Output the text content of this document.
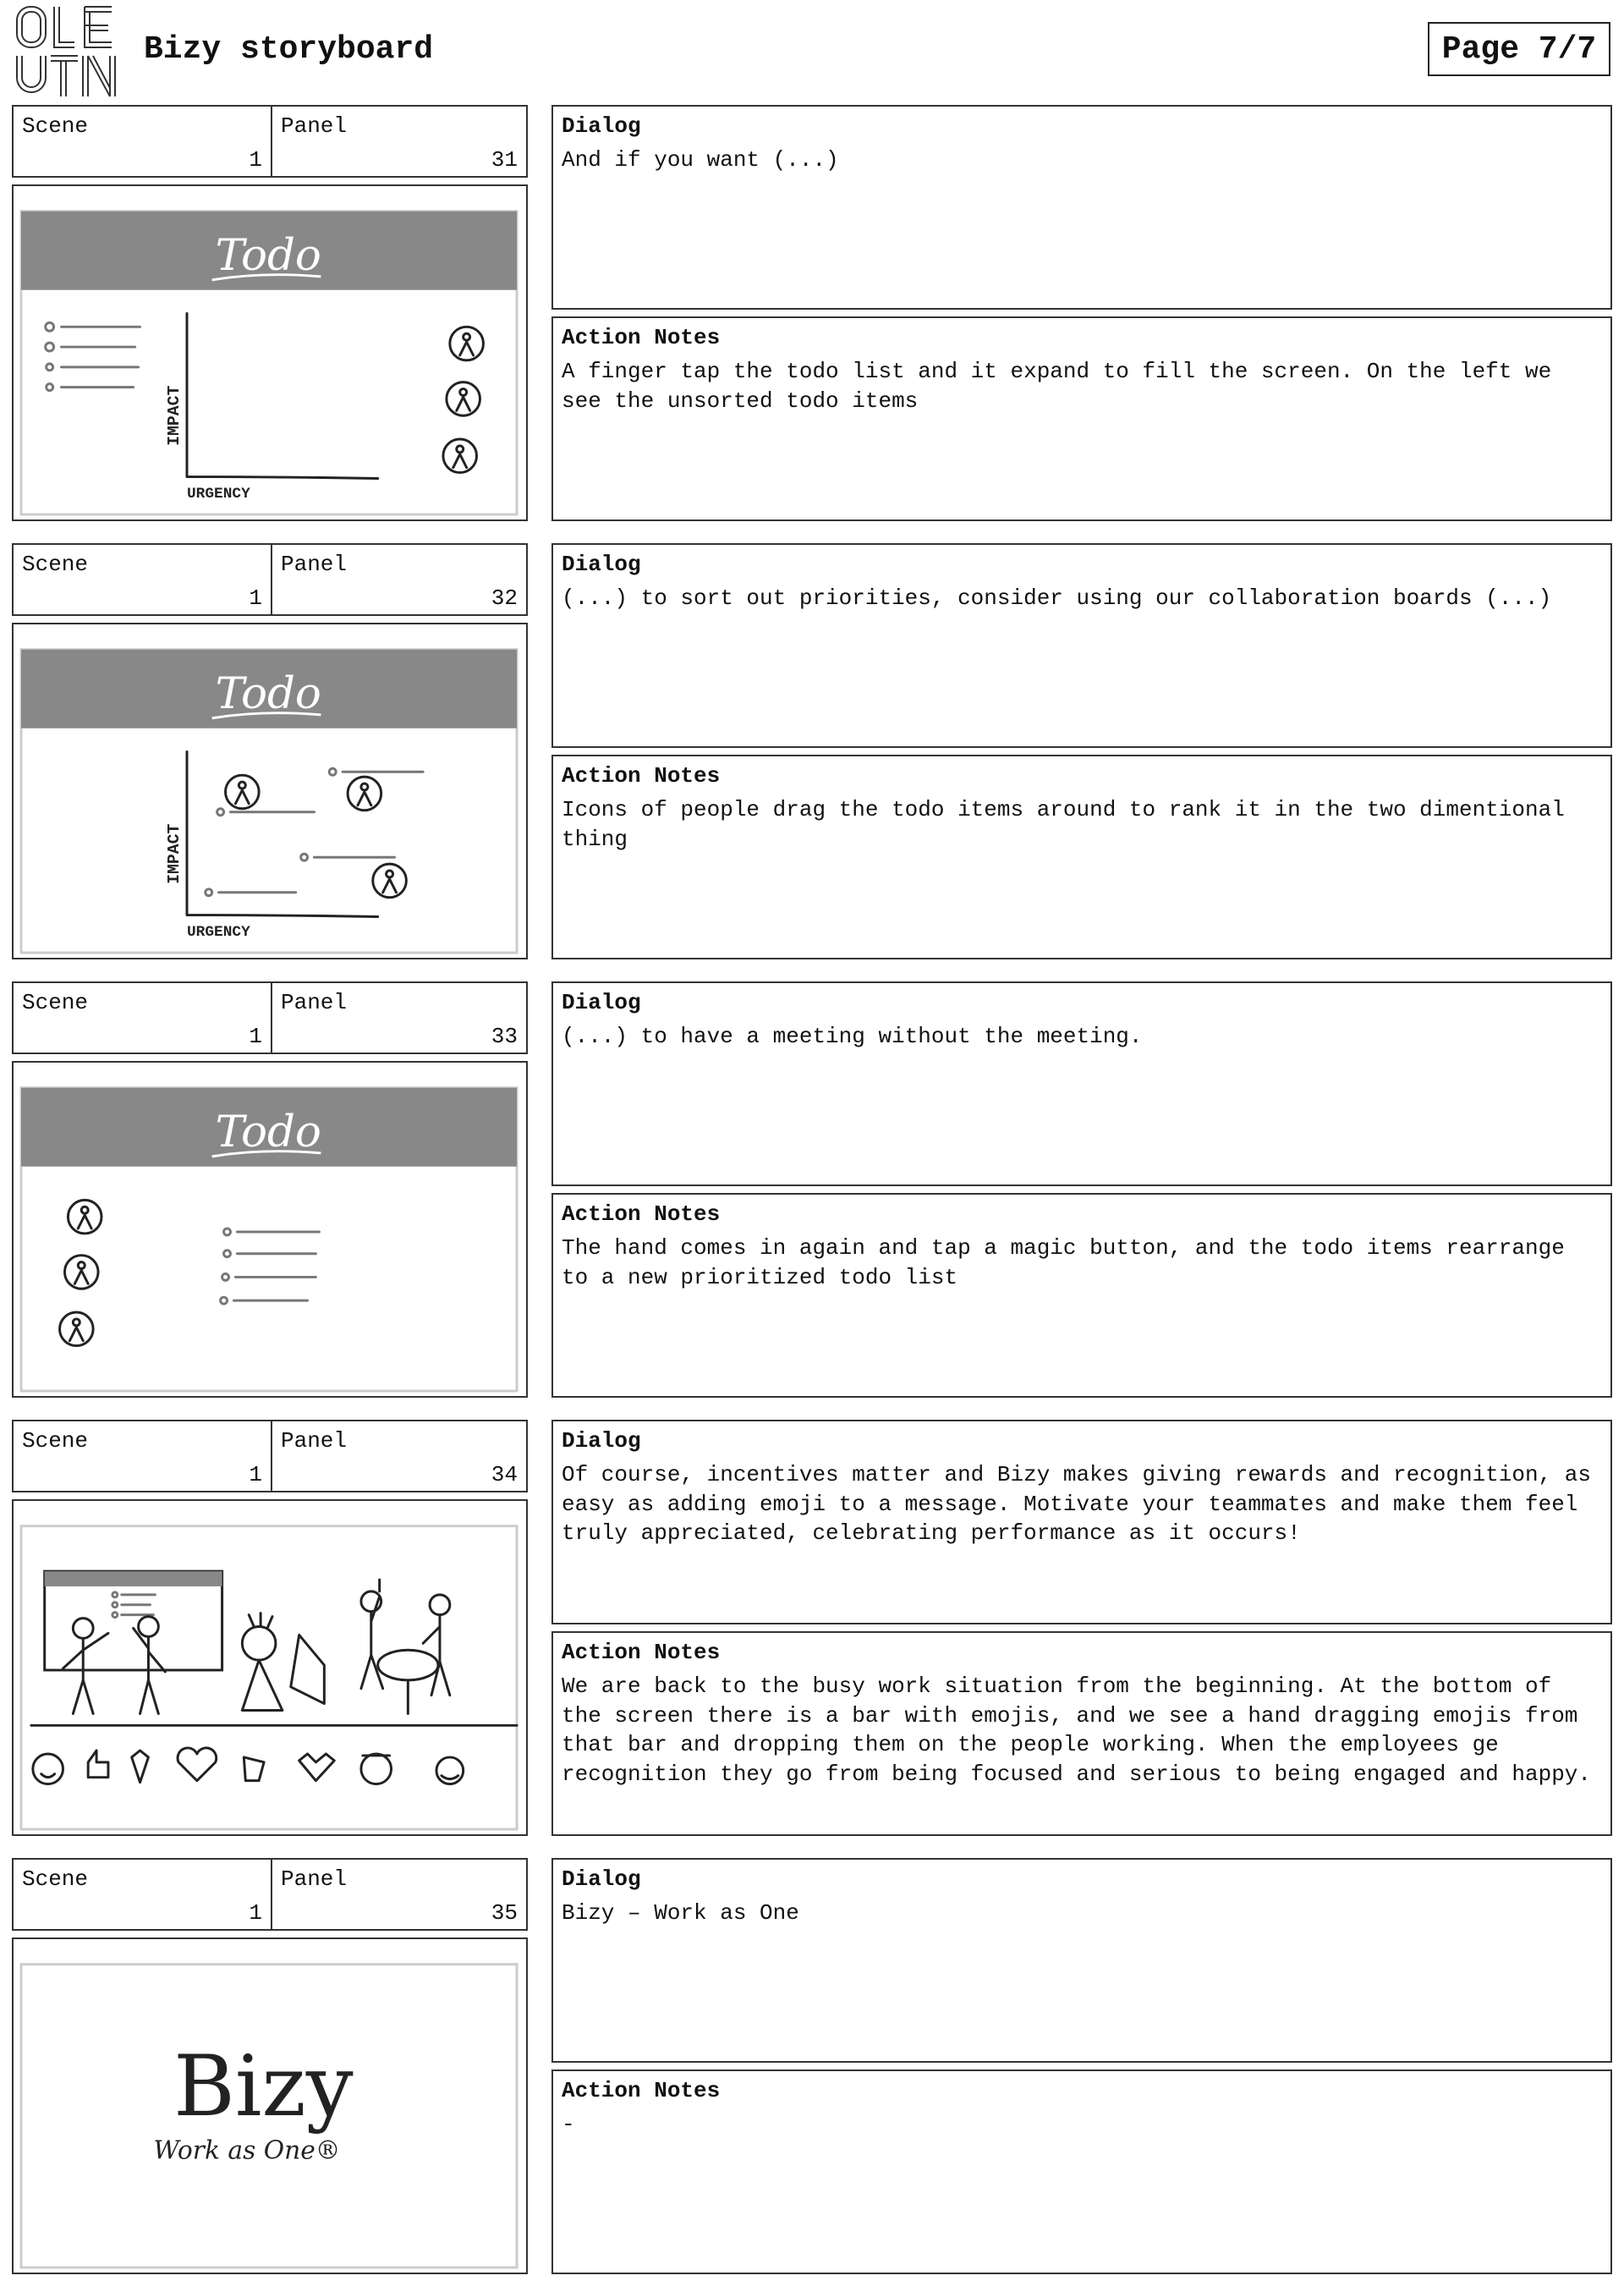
Bizy storyboard	Page 7/7
Scene
1
Panel
31
Todo
IMPACT
URGENCY
Dialog
And if you want (...)
Action Notes
A finger tap the todo list and it expand to fill the screen. On the left we see the unsorted todo items
Scene
1
Panel
32
Todo
IMPACT
URGENCY
Dialog
(...) to sort out priorities, consider using our collaboration boards (...)
Action Notes
Icons of people drag the todo items around to rank it in the two dimentional thing
Scene
1
Panel
33
Todo
Dialog
(...) to have a meeting without the meeting.
Action Notes
The hand comes in again and tap a magic button, and the todo items rearrange to a new prioritized todo list
Scene
1
Panel
34
Dialog
Of course, incentives matter and Bizy makes giving rewards and recognition, as easy as adding emoji to a message. Motivate your teammates and make them feel truly appreciated, celebrating performance as it occurs!
Action Notes
We are back to the busy work situation from the beginning. At the bottom of the screen there is a bar with emojis, and we see a hand dragging emojis from that bar and dropping them on the people working. When the employees ge recognition they go from being focused and serious to being engaged and happy.
Scene
1
Panel
35
Bizy
Work as One®
Dialog
Bizy – Work as One
Action Notes
-
